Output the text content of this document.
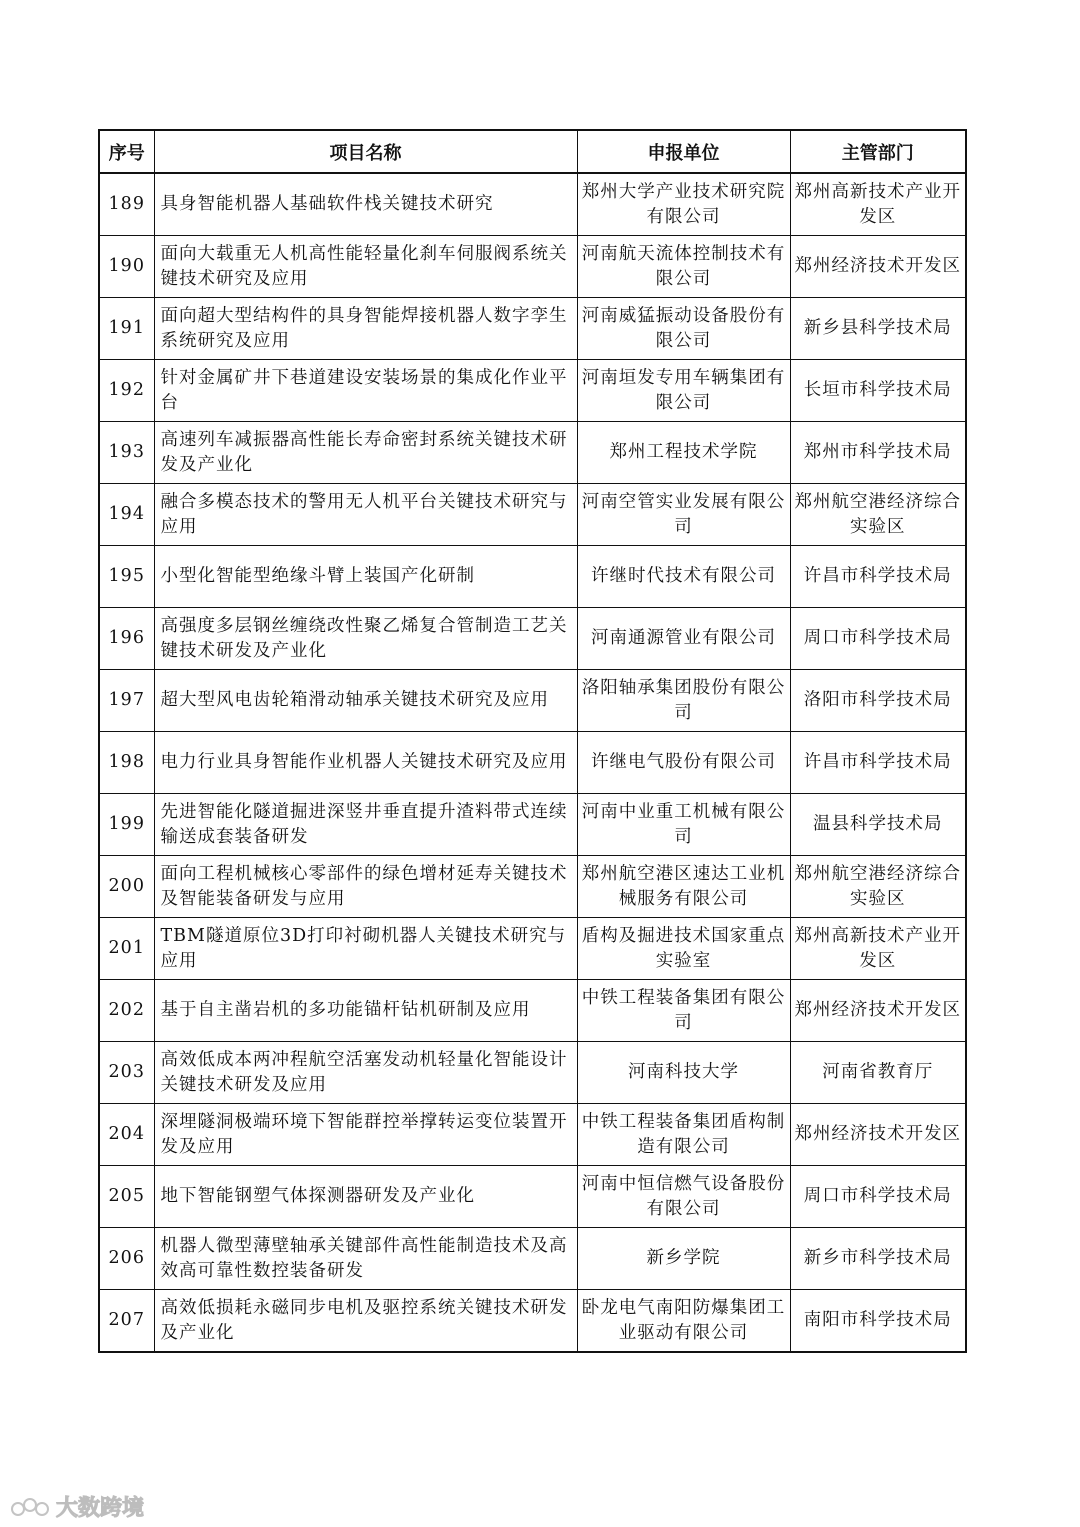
序号	项目名称	申报单位	主管部门
189	具身智能机器人基础软件栈关键技术研究	郑州大学产业技术研究院有限公司	郑州高新技术产业开发区
190	面向大载重无人机高性能轻量化刹车伺服阀系统关键技术研究及应用	河南航天流体控制技术有限公司	郑州经济技术开发区
191	面向超大型结构件的具身智能焊接机器人数字孪生系统研究及应用	河南威猛振动设备股份有限公司	新乡县科学技术局
192	针对金属矿井下巷道建设安装场景的集成化作业平台	河南垣发专用车辆集团有限公司	长垣市科学技术局
193	高速列车减振器高性能长寿命密封系统关键技术研发及产业化	郑州工程技术学院	郑州市科学技术局
194	融合多模态技术的警用无人机平台关键技术研究与应用	河南空管实业发展有限公司	郑州航空港经济综合实验区
195	小型化智能型绝缘斗臂上装国产化研制	许继时代技术有限公司	许昌市科学技术局
196	高强度多层钢丝缠绕改性聚乙烯复合管制造工艺关键技术研发及产业化	河南通源管业有限公司	周口市科学技术局
197	超大型风电齿轮箱滑动轴承关键技术研究及应用	洛阳轴承集团股份有限公司	洛阳市科学技术局
198	电力行业具身智能作业机器人关键技术研究及应用	许继电气股份有限公司	许昌市科学技术局
199	先进智能化隧道掘进深竖井垂直提升渣料带式连续输送成套装备研发	河南中业重工机械有限公司	温县科学技术局
200	面向工程机械核心零部件的绿色增材延寿关键技术及智能装备研发与应用	郑州航空港区速达工业机械服务有限公司	郑州航空港经济综合实验区
201	TBM隧道原位3D打印衬砌机器人关键技术研究与应用	盾构及掘进技术国家重点实验室	郑州高新技术产业开发区
202	基于自主凿岩机的多功能锚杆钻机研制及应用	中铁工程装备集团有限公司	郑州经济技术开发区
203	高效低成本两冲程航空活塞发动机轻量化智能设计关键技术研发及应用	河南科技大学	河南省教育厅
204	深埋隧洞极端环境下智能群控举撑转运变位装置开发及应用	中铁工程装备集团盾构制造有限公司	郑州经济技术开发区
205	地下智能钢塑气体探测器研发及产业化	河南中恒信燃气设备股份有限公司	周口市科学技术局
206	机器人微型薄壁轴承关键部件高性能制造技术及高效高可靠性数控装备研发	新乡学院	新乡市科学技术局
207	高效低损耗永磁同步电机及驱控系统关键技术研发及产业化	卧龙电气南阳防爆集团工业驱动有限公司	南阳市科学技术局
大数跨境
